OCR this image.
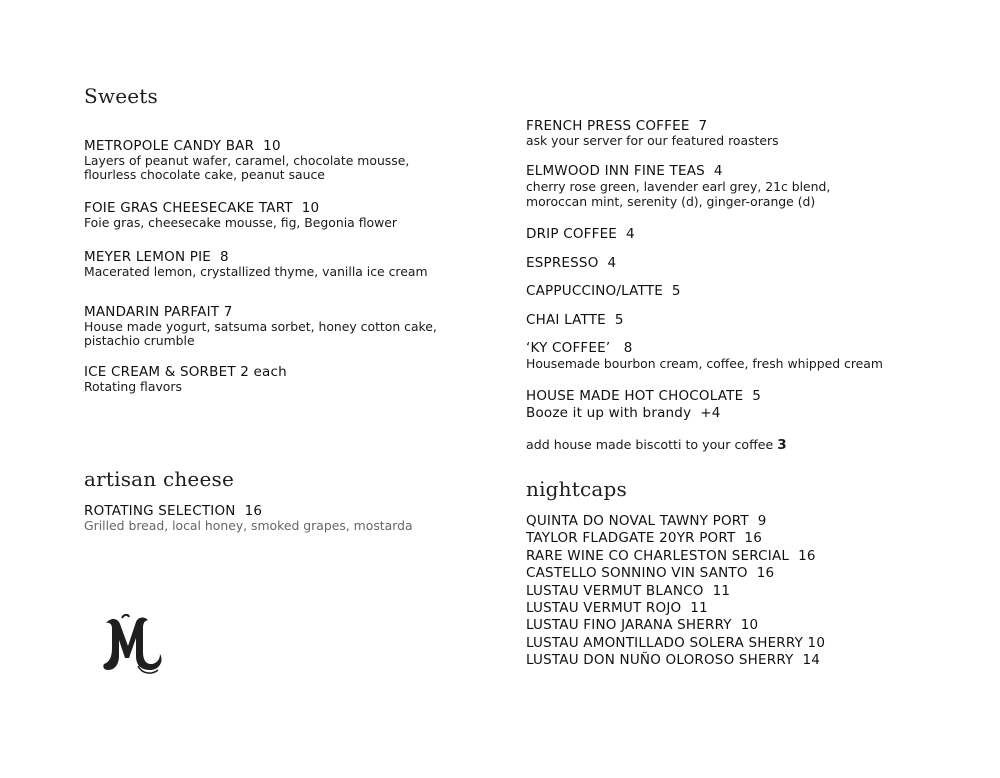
Sweets

METROPOLE CANDY BAR  10

Layers of peanut wafer, caramel, chocolate mousse,

flourless chocolate cake, peanut sauce

FOIE GRAS CHEESECAKE TART  10

Foie gras, cheesecake mousse, fig, Begonia flower

MEYER LEMON PIE  8

Macerated lemon, crystallized thyme, vanilla ice cream

MANDARIN PARFAIT 7

House made yogurt, satsuma sorbet, honey cotton cake,

pistachio crumble

ICE CREAM & SORBET 2 each

Rotating flavors

artisan cheese

ROTATING SELECTION  16

Grilled bread, local honey, smoked grapes, mostarda

FRENCH PRESS COFFEE  7

ask your server for our featured roasters

ELMWOOD INN FINE TEAS  4

cherry rose green, lavender earl grey, 21c blend,

moroccan mint, serenity (d), ginger-orange (d)

DRIP COFFEE  4

ESPRESSO  4

CAPPUCCINO/LATTE  5

CHAI LATTE  5

‘KY COFFEE’   8

Housemade bourbon cream, coffee, fresh whipped cream

HOUSE MADE HOT CHOCOLATE  5

Booze it up with brandy  +4

add house made biscotti to your coffee 3

nightcaps
QUINTA DO NOVAL TAWNY PORT  9
TAYLOR FLADGATE 20YR PORT  16
RARE WINE CO CHARLESTON SERCIAL  16
CASTELLO SONNINO VIN SANTO  16
LUSTAU VERMUT BLANCO  11
LUSTAU VERMUT ROJO  11
LUSTAU FINO JARANA SHERRY  10
LUSTAU AMONTILLADO SOLERA SHERRY 10
LUSTAU DON NUÑO OLOROSO SHERRY  14
